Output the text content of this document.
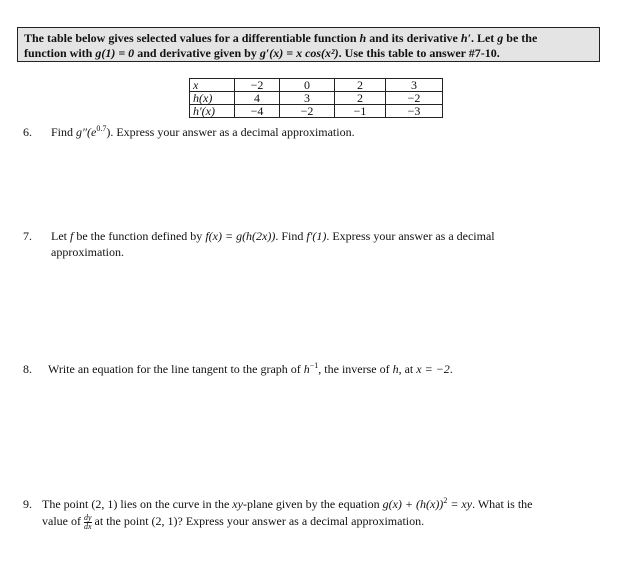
The table below gives selected values for a differentiable function h and its derivative h′. Let g be the
function with g(1) = 0 and derivative given by g′(x) = x cos(x²). Use this table to answer #7-10.
x	−2	0	2	3
h(x)	4	3	2	−2
h′(x)	−4	−2	−1	−3
6. Find $g''(e^{0.7})$. Express your answer as a decimal approximation.
7. Let f be the function defined by f(x) = g(h(2x)). Find f′(1). Express your answer as a decimal
approximation.
8. Write an equation for the line tangent to the graph of $h^{-1}$, the inverse of h, at x = −2.
9. The point (2, 1) lies on the curve in the xy-plane given by the equation $g(x) + (h(x))^2$ = xy. What is the
value of $\frac{dy}{dx}$ at the point (2, 1)? Express your answer as a decimal approximation.
